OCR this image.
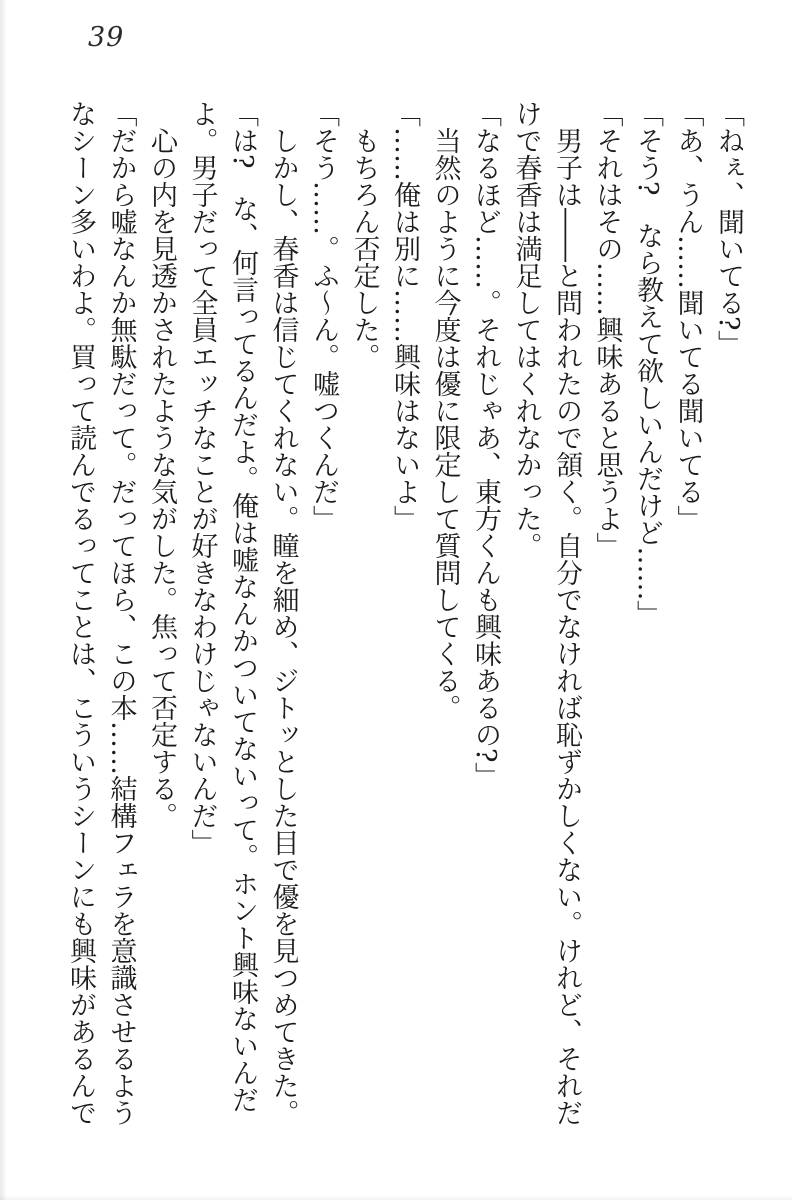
39

「ねぇ、聞いてる?」

「あ、うん……聞いてる聞いてる」

「そう?　なら教えて欲しいんだけど……」

「それはその……興味あると思うよ」

　男子は――と問われたので頷く。自分でなければ恥ずかしくない。けれど、それだけで春香は満足してはくれなかった。

「なるほど……。それじゃあ、東方くんも興味あるの?」

　当然のように今度は優に限定して質問してくる。

「……俺は別に……興味はないよ」

　もちろん否定した。

「そう……。ふ〜ん。嘘つくんだ」

　しかし、春香は信じてくれない。瞳を細め、ジトッとした目で優を見つめてきた。

「は?　な、何言ってるんだよ。俺は嘘なんかついてないって。ホント興味ないんだよ。男子だって全員エッチなことが好きなわけじゃないんだ」

　心の内を見透かされたような気がした。焦って否定する。

「だから嘘なんか無駄だって。だってほら、この本……結構フェラを意識させるようなシーン多いわよ。買って読んでるってことは、こういうシーンにも興味があるんで
